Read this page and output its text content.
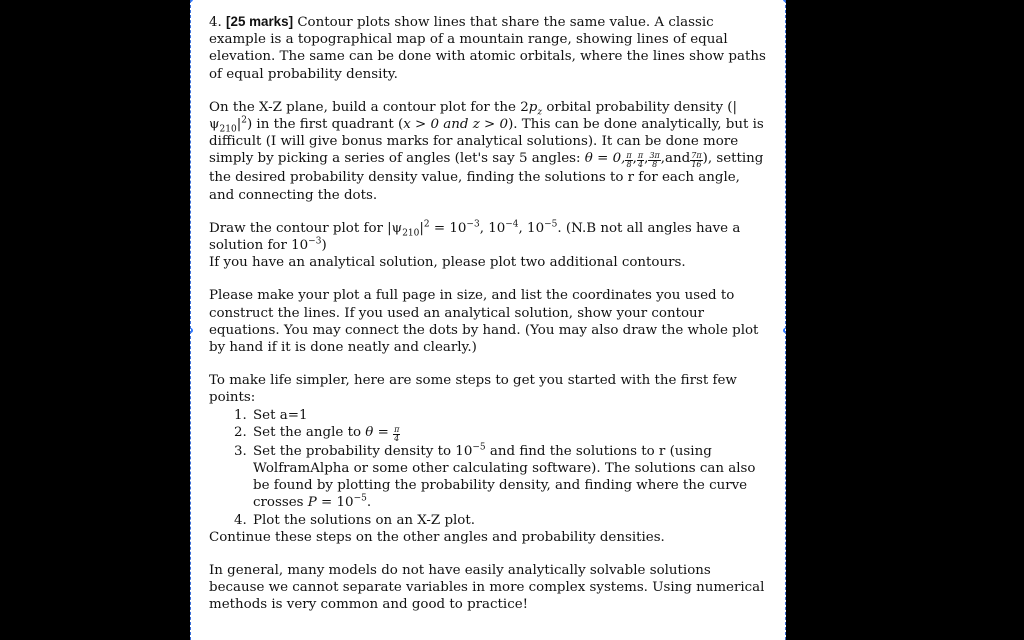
4. [25 marks] Contour plots show lines that share the same value. A classic example is a topographical map of a mountain range, showing lines of equal elevation. The same can be done with atomic orbitals, where the lines show paths of equal probability density.

On the X-Z plane, build a contour plot for the $2p_z$ orbital probability density $(|\psi_{210}|^2)$ in the first quadrant (x > 0 and z > 0). This can be done analytically, but is difficult (I will give bonus marks for analytical solutions). It can be done more simply by picking a series of angles (let's say 5 angles: θ = 0, $\frac{\pi}{8}$ , $\frac{\pi}{4}$ , $\frac{3\pi}{8} ,and \frac{7\pi}{16}$ ), setting the desired probability density value, finding the solutions to r for each angle, and connecting the dots.

Draw the contour plot for $|\psi_{210}|^2 = 10^{-3}$, $10^{-4}$, $10^{-5}$. (N.B not all angles have a solution for $10^{-3}$)
If you have an analytical solution, please plot two additional contours.

Please make your plot a full page in size, and list the coordinates you used to construct the lines. If you used an analytical solution, show your contour equations. You may connect the dots by hand. (You may also draw the whole plot by hand if it is done neatly and clearly.)

To make life simpler, here are some steps to get you started with the first few points:

1. Set a=1
2. Set the angle to $\theta = \frac{\pi}{4}$
3. Set the probability density to $10^{-5}$ and find the solutions to r (using WolframAlpha or some other calculating software). The solutions can also be found by plotting the probability density, and finding where the curve crosses $P = 10^{-5}$.
4. Plot the solutions on an X-Z plot.

Continue these steps on the other angles and probability densities.

In general, many models do not have easily analytically solvable solutions because we cannot separate variables in more complex systems. Using numerical methods is very common and good to practice!
